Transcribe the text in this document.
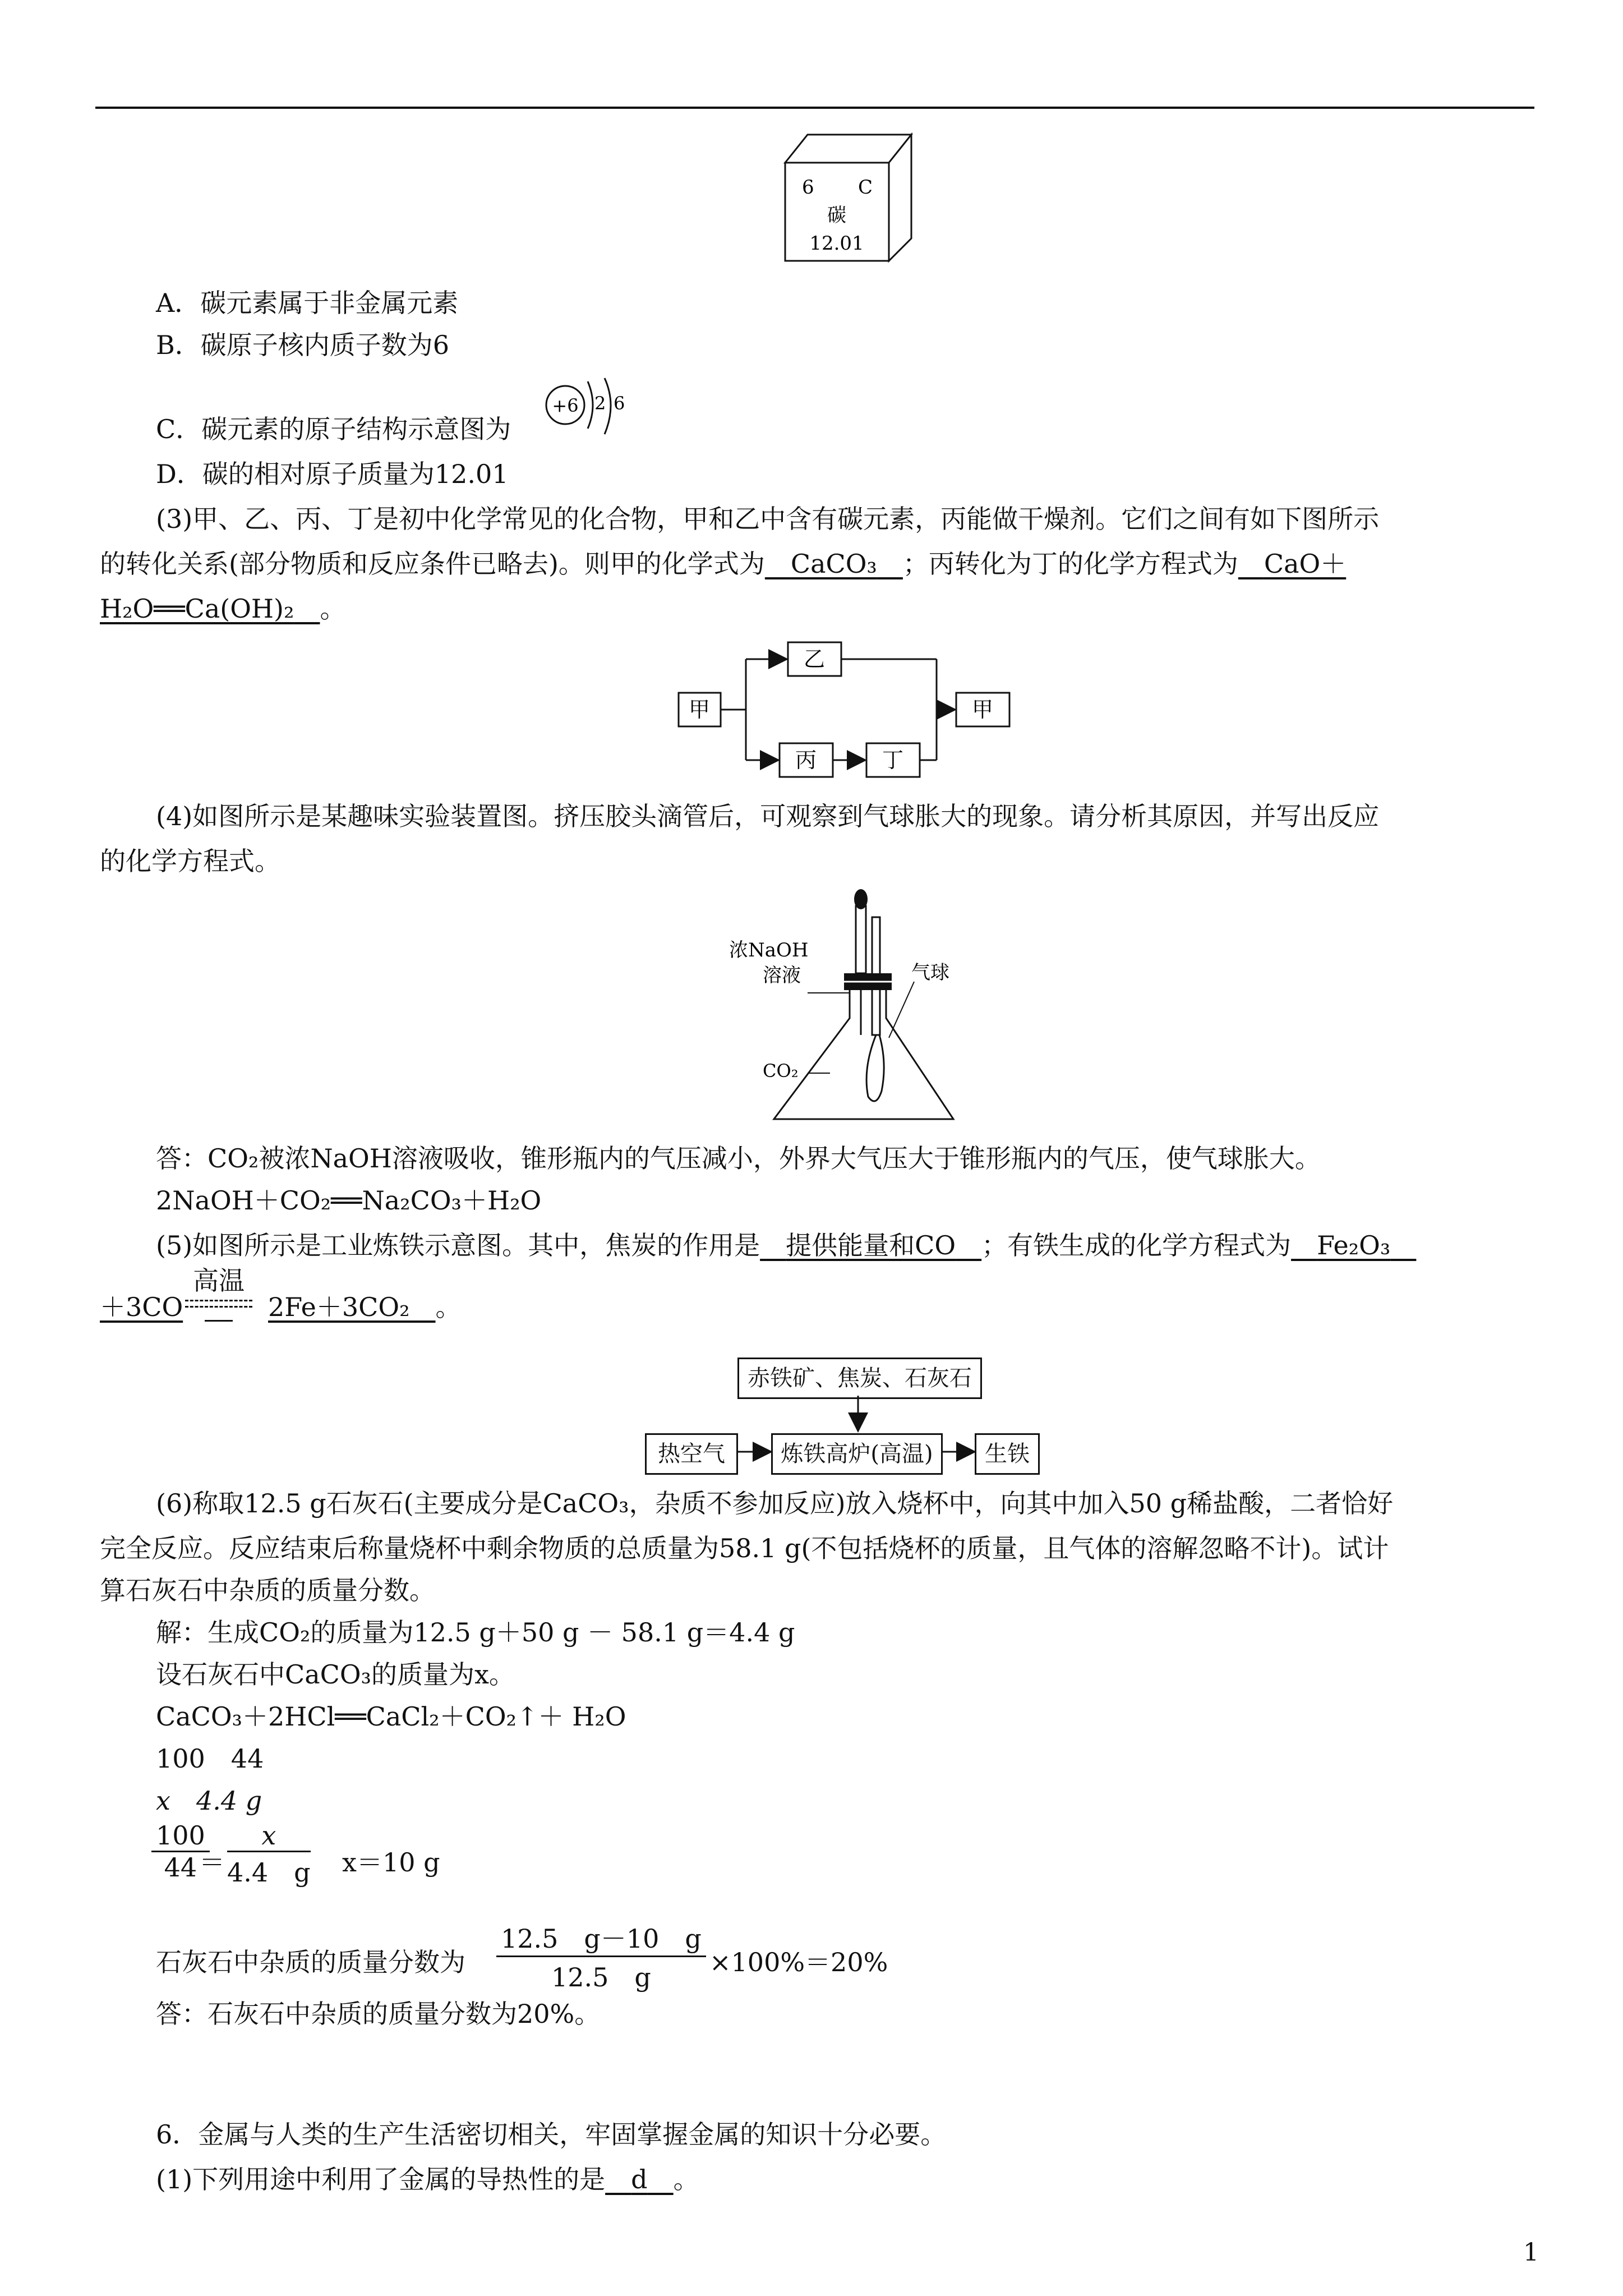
6 C
碳
12.01
A．碳元素属于非金属元素
B．碳原子核内质子数为6
C．碳元素的原子结构示意图为
+6 2 6
D．碳的相对原子质量为12.01
(3)甲、乙、丙、丁是初中化学常见的化合物，甲和乙中含有碳元素，丙能做干燥剂。它们之间有如下图所示
的转化关系(部分物质和反应条件已略去)。则甲的化学式为__CaCO₃__；丙转化为丁的化学方程式为__CaO＋
H₂O══Ca(OH)₂__。
甲
乙
丙	丁
甲
(4)如图所示是某趣味实验装置图。挤压胶头滴管后，可观察到气球胀大的现象。请分析其原因，并写出反应
的化学方程式。
浓NaOH
溶液	气球
CO₂
答：CO₂被浓NaOH溶液吸收，锥形瓶内的气压减小，外界大气压大于锥形瓶内的气压，使气球胀大。
2NaOH＋CO₂══Na₂CO₃＋H₂O
(5)如图所示是工业炼铁示意图。其中，焦炭的作用是__提供能量和CO__；有铁生成的化学方程式为__Fe₂O₃__
＋3CO
高温
2Fe＋3CO₂__。
赤铁矿、焦炭、石灰石
热空气	炼铁高炉(高温)	生铁
(6)称取12.5 g石灰石(主要成分是CaCO₃，杂质不参加反应)放入烧杯中，向其中加入50 g稀盐酸，二者恰好
完全反应。反应结束后称量烧杯中剩余物质的总质量为58.1 g(不包括烧杯的质量，且气体的溶解忽略不计)。试计
算石灰石中杂质的质量分数。
解：生成CO₂的质量为12.5 g＋50 g － 58.1 g＝4.4 g
设石灰石中CaCO₃的质量为x。
CaCO₃＋2HCl══CaCl₂＋CO₂↑＋ H₂O
100　44
x　4.4 g
$\frac{100}{44}$
＝ $\frac{x}{4.4 g} x=10$ g
石灰石中杂质的质量分数为 $\frac{12.5 g-10 g}{12.5 g} \times 100\%=20\%$
答：石灰石中杂质的质量分数为20%。
6．金属与人类的生产生活密切相关，牢固掌握金属的知识十分必要。
(1)下列用途中利用了金属的导热性的是__d__。
1
